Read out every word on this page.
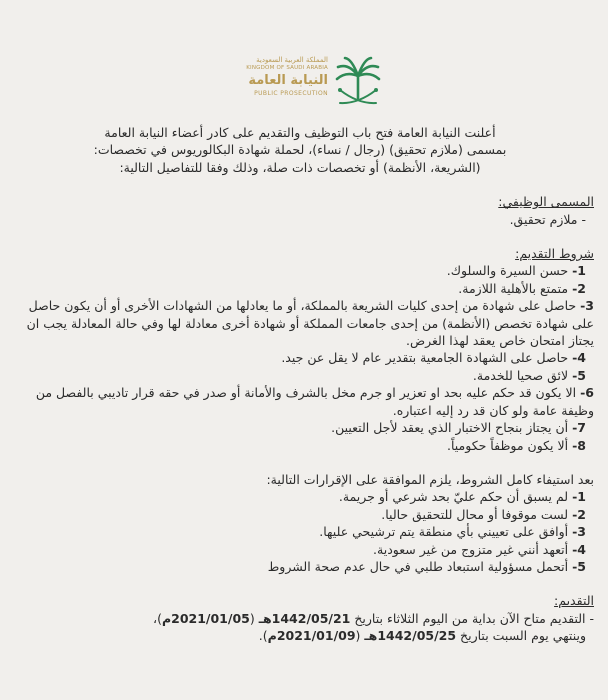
المملكة العربية السعودية
KINGDOM OF SAUDI ARABIA
النيابة العامة
PUBLIC PROSECUTION

أعلنت النيابة العامة فتح باب التوظيف والتقديم على كادر أعضاء النيابة العامة

بمسمى (ملازم تحقيق) (رجال / نساء)، لحملة شهادة البكالوريوس في تخصصات:

(الشريعة، الأنظمة) أو تخصصات ذات صلة، وذلك وفقا للتفاصيل التالية:

المسمى الوظيفي:

- ملازم تحقيق.

شروط التقديم:

1- حسن السيرة والسلوك.

2- متمتع بالأهلية اللازمة.

3- حاصل على شهادة من إحدى كليات الشريعة بالمملكة، أو ما يعادلها من الشهادات الأخرى أو أن يكون حاصل على شهادة تخصص (الأنظمة) من إحدى جامعات المملكة أو شهادة أخرى معادلة لها وفي حالة المعادلة يجب ان يجتاز امتحان خاص يعقد لهذا الغرض.

4- حاصل على الشهادة الجامعية بتقدير عام لا يقل عن جيد.

5- لائق صحيا للخدمة.

6- الا يكون قد حكم عليه بحد او تعزير او جرم مخل بالشرف والأمانة أو صدر في حقه قرار تاديبي بالفصل من وظيفة عامة ولو كان قد رد إليه اعتباره.

7- أن يجتاز بنجاح الاختبار الذي يعقد لأجل التعيين.

8- ألا يكون موظفاً حكومياً.

بعد استيفاء كامل الشروط، يلزم الموافقة على الإقرارات التالية:

1- لم يسبق أن حكم عليّ بحد شرعي أو جريمة.

2- لست موقوفا أو محال للتحقيق حاليا.

3- أوافق على تعييني بأي منطقة يتم ترشيحي عليها.

4- أتعهد أنني غير متزوج من غير سعودية.

5- أتحمل مسؤولية استبعاد طلبي في حال عدم صحة الشروط

التقديم:

- التقديم متاح الآن بداية من اليوم الثلاثاء بتاريخ 1442/05/21هـ (2021/01/05م)،

وينتهي يوم السبت بتاريخ 1442/05/25هـ (2021/01/09م).
